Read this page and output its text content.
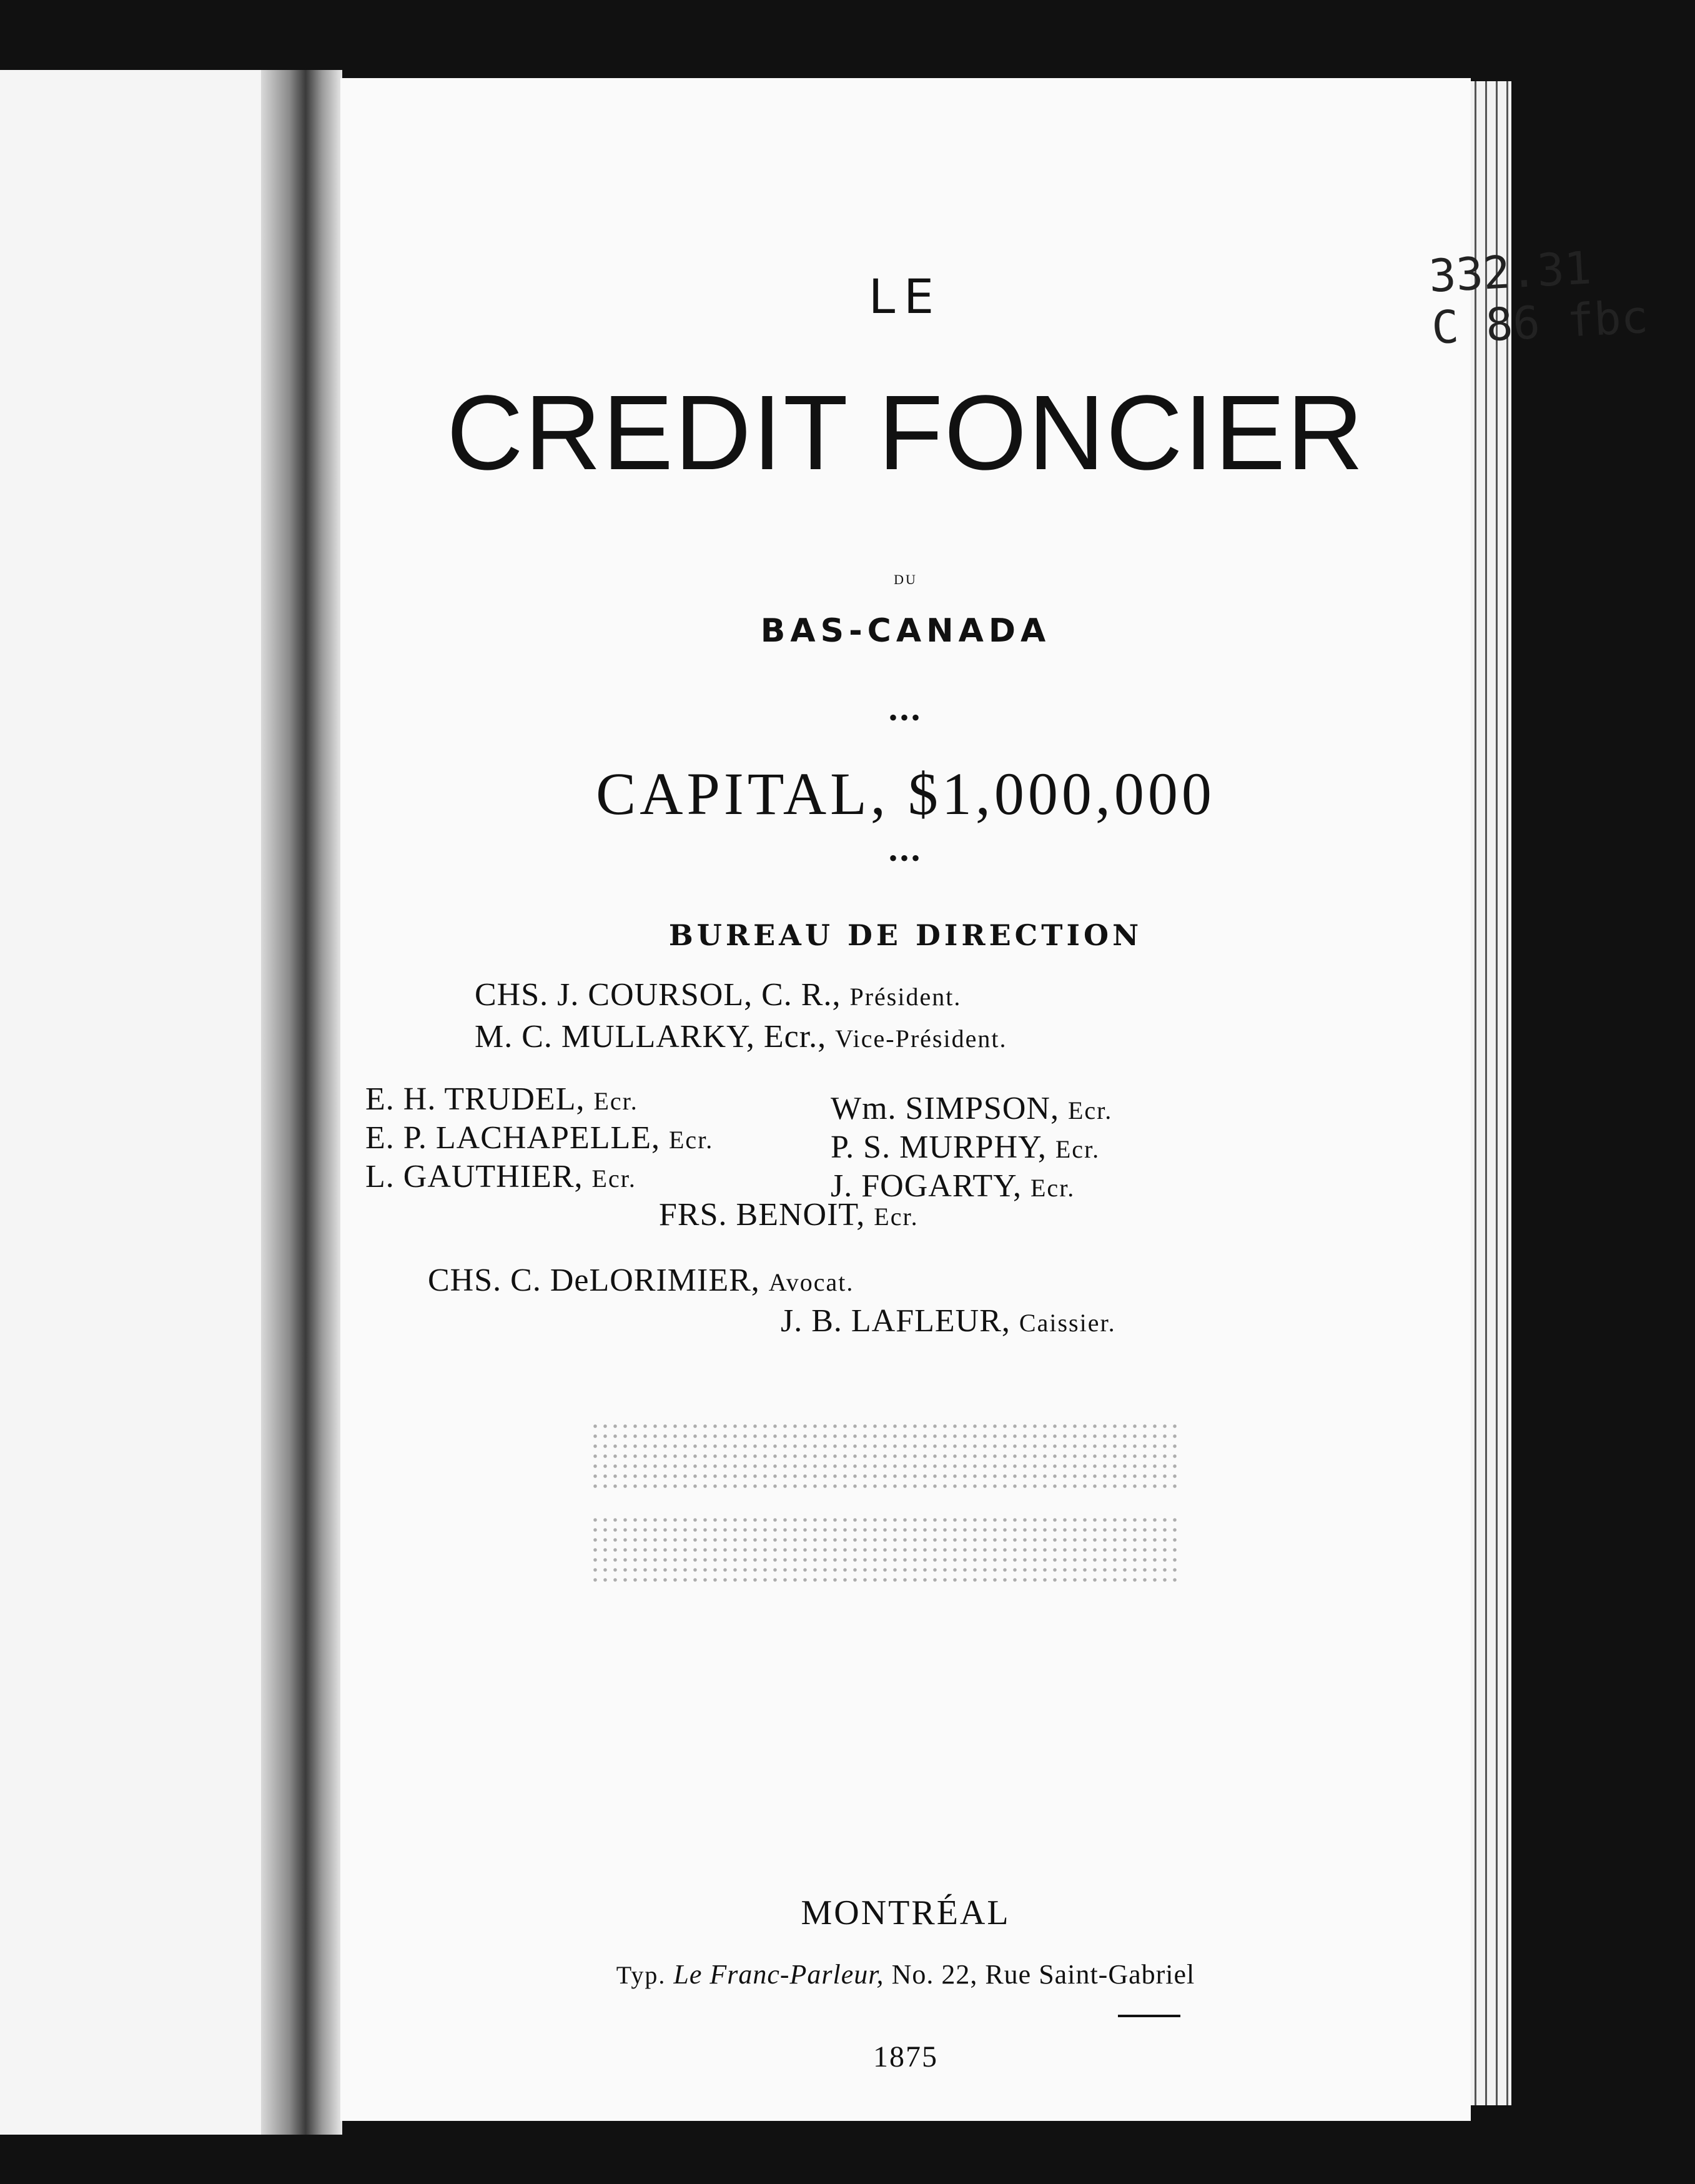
332.31
C 86 fbc
LE
CREDIT FONCIER
DU
BAS-CANADA
•••
CAPITAL, $1,000,000
•••
BUREAU DE DIRECTION
CHS. J. COURSOL, C. R., Président.
M. C. MULLARKY, Ecr., Vice-Président.
E. H. TRUDEL, Ecr.
E. P. LACHAPELLE, Ecr.
L. GAUTHIER, Ecr.
Wm. SIMPSON, Ecr.
P. S. MURPHY, Ecr.
J. FOGARTY, Ecr.
FRS. BENOIT, Ecr.
CHS. C. DeLORIMIER, Avocat.
J. B. LAFLEUR, Caissier.
MONTRÉAL
Typ. Le Franc-Parleur, No. 22, Rue Saint-Gabriel
1875
